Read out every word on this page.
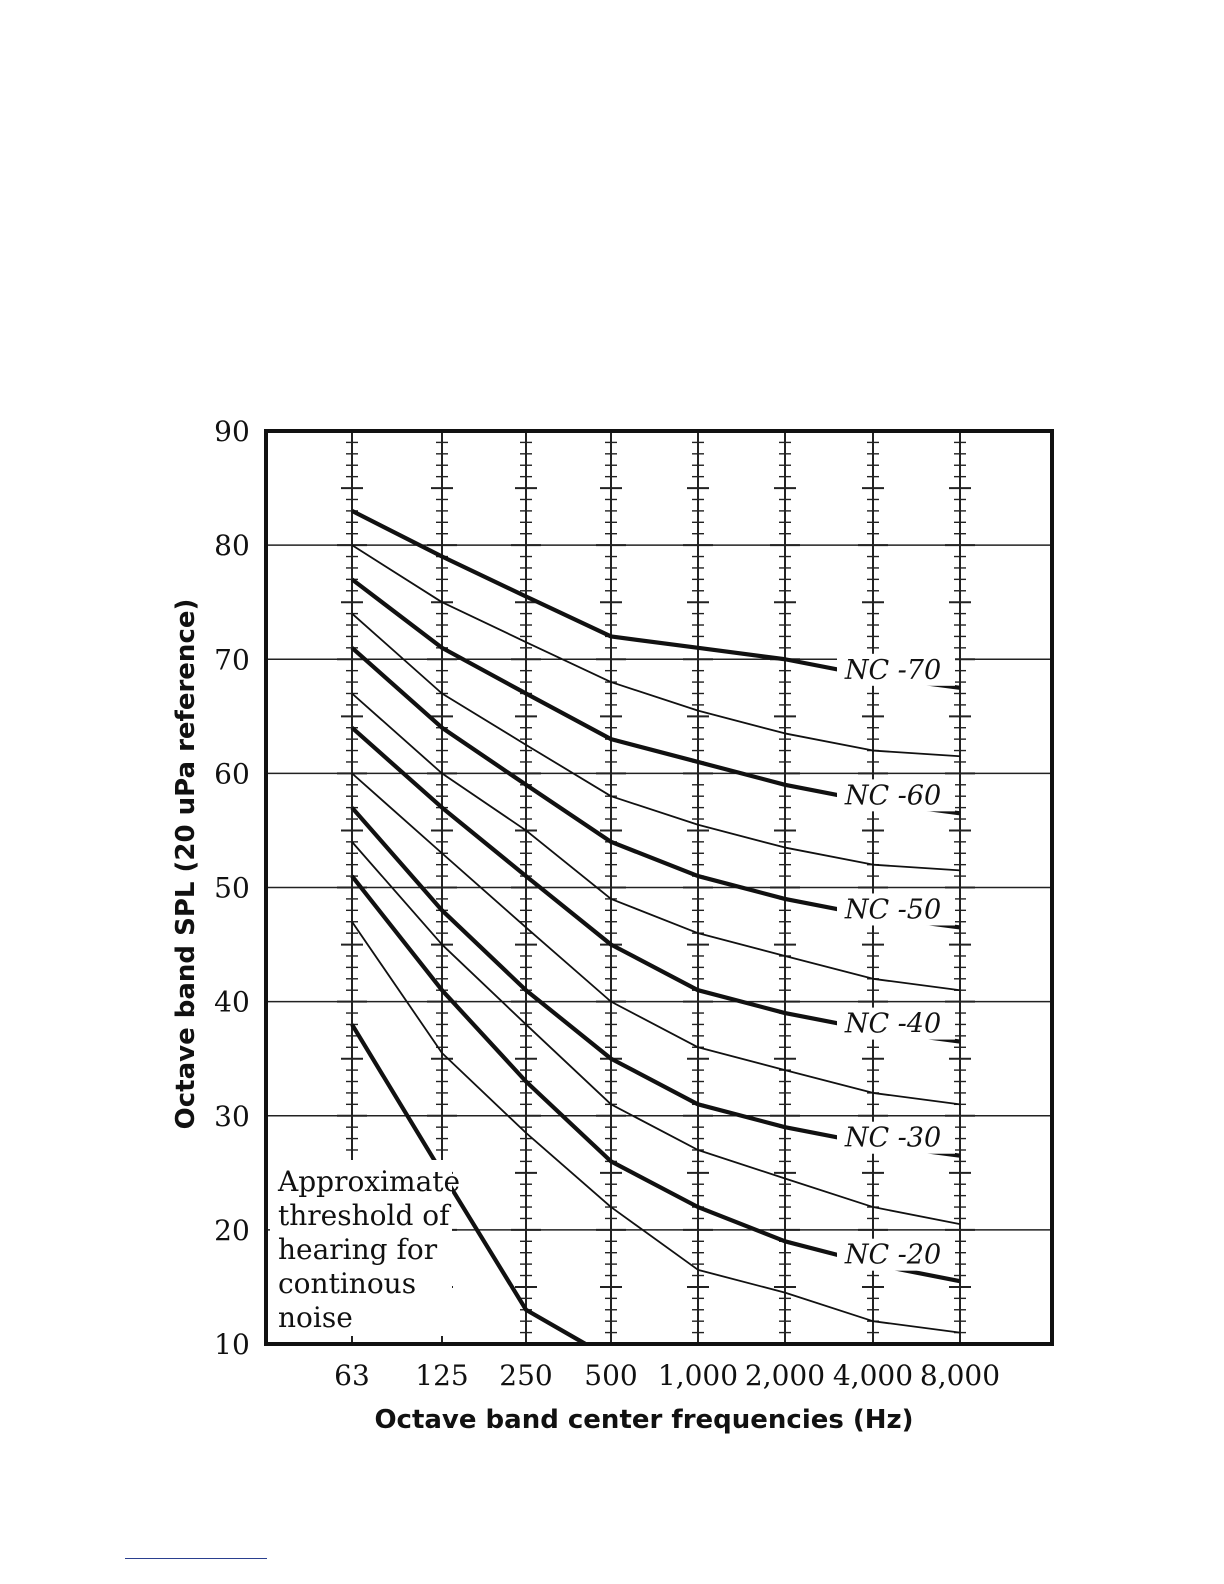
NC -70
NC -60
NC -50
NC -40
NC -30
NC -20
10
20
30
40
50
60
70
80
90
63 125 250 500 1,000 2,000 4,000 8,000
Octave band center frequencies (Hz)
Octave band SPL (20 uPa reference)
Approximate
threshold of
hearing for
continous
noise
